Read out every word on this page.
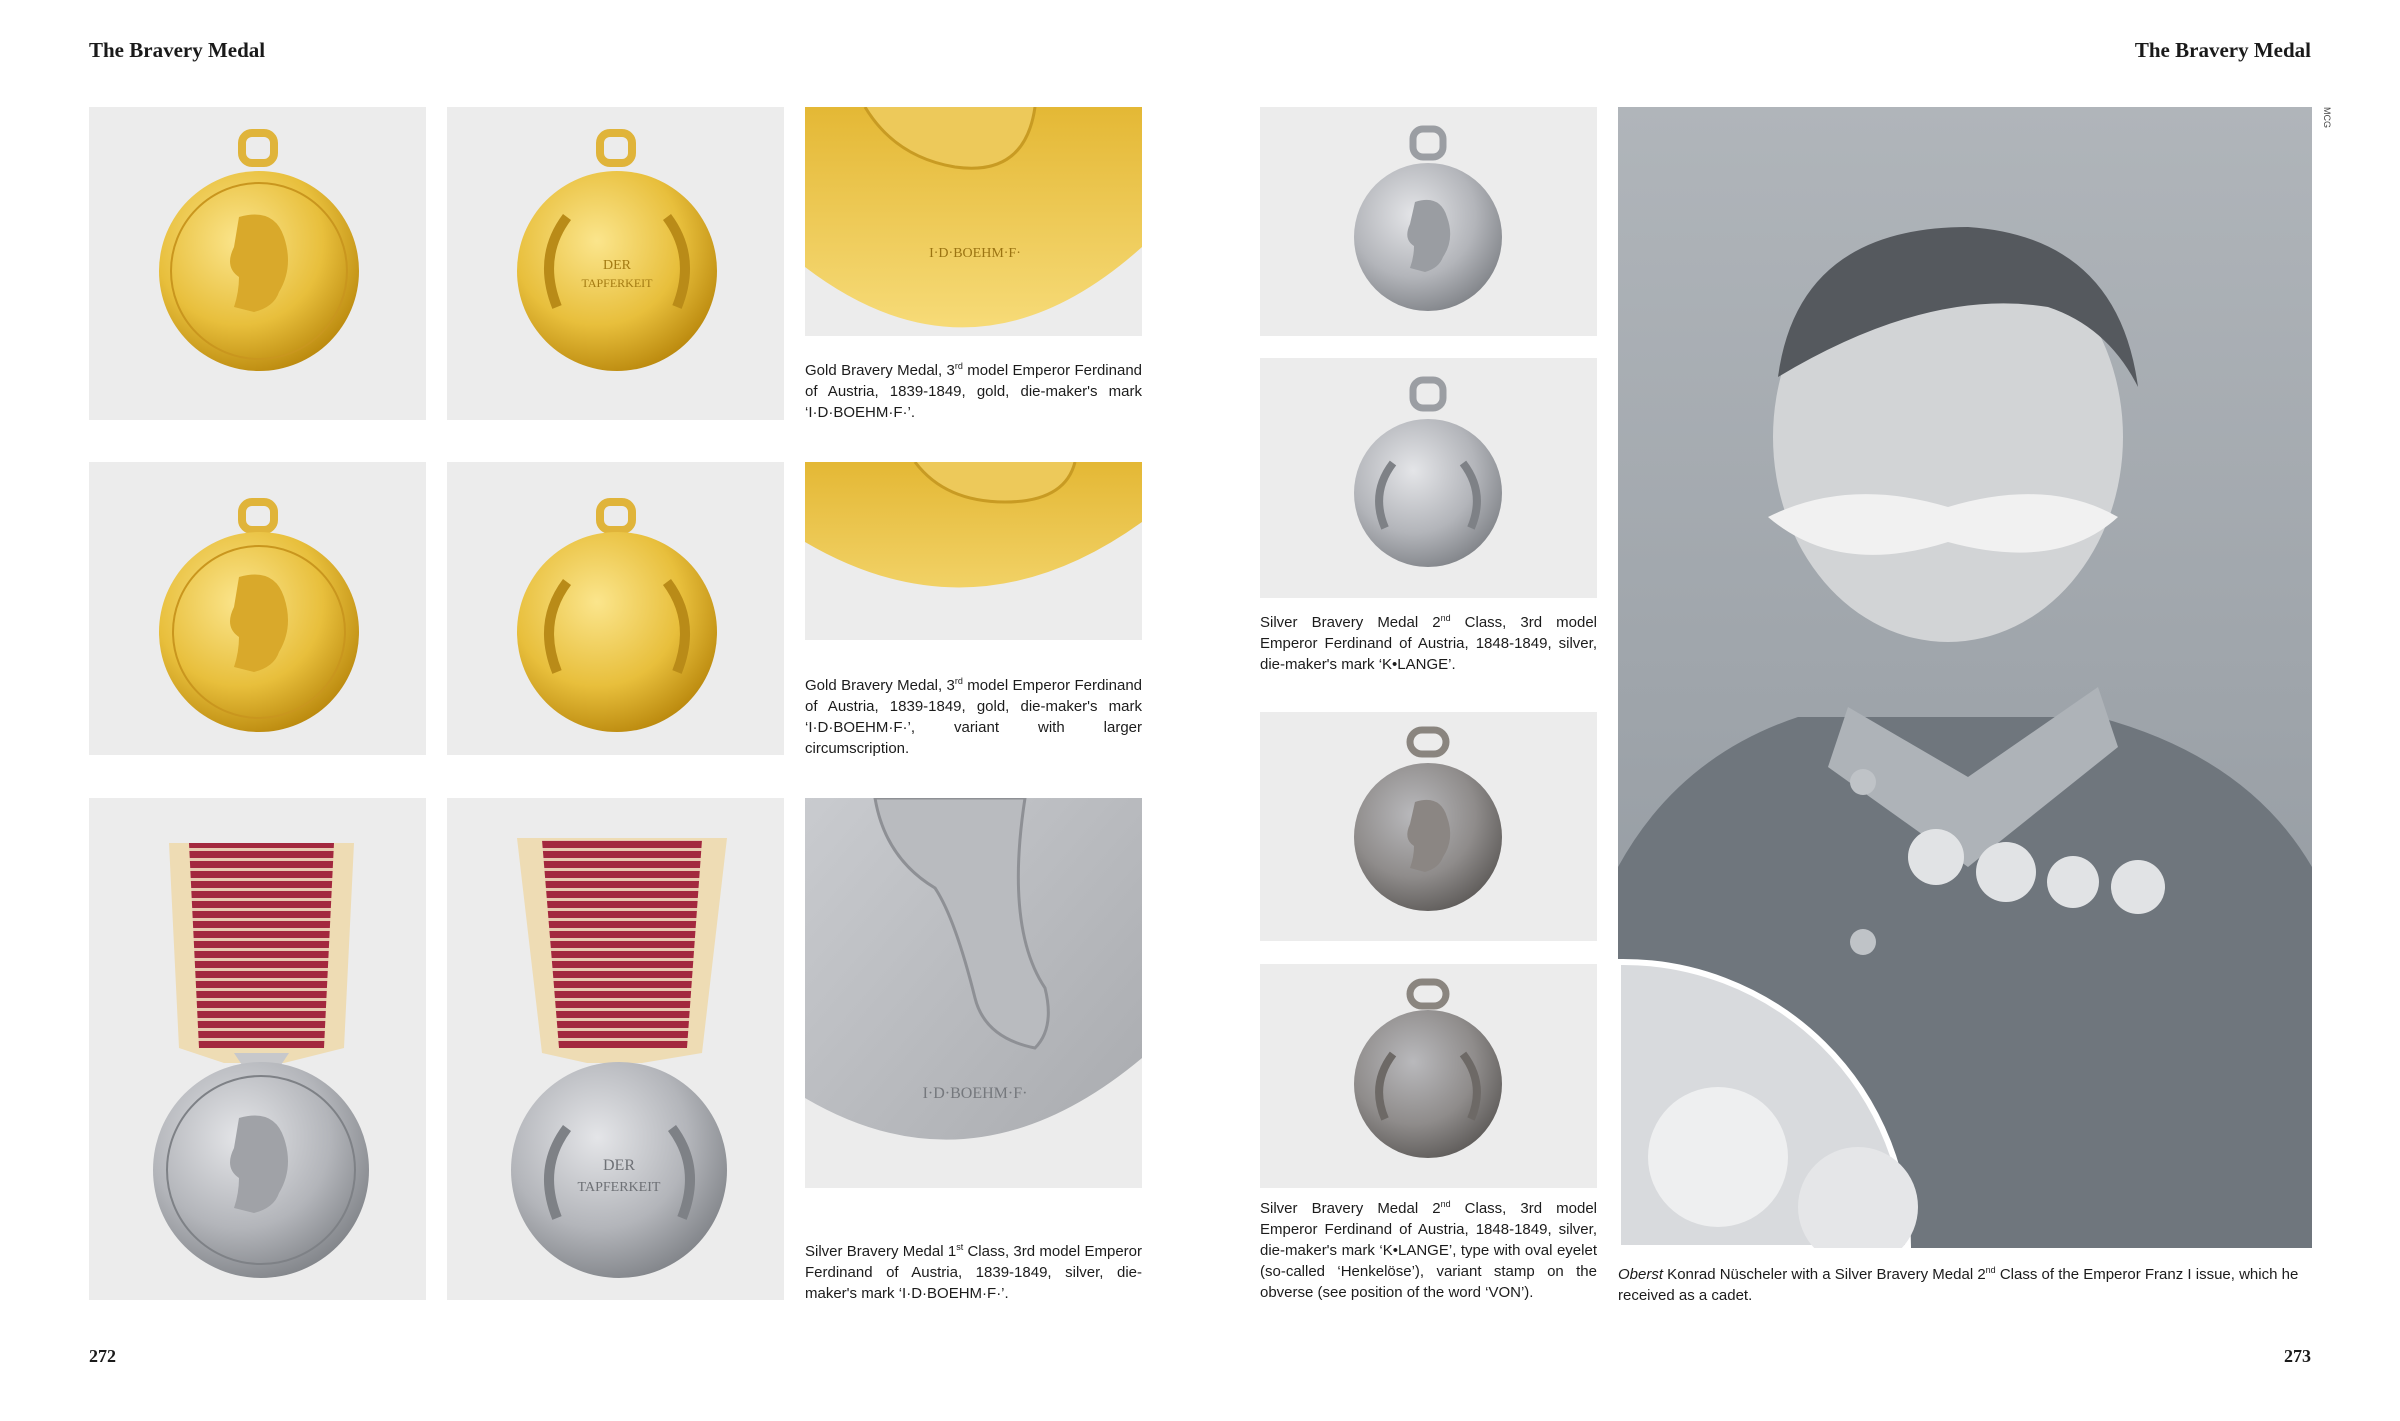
The Bravery Medal
DER
TAPFERKEIT
I·D·BOEHM·F·
Gold Bravery Medal, 3rd model Emperor Ferdinand of Austria, 1839-1849, gold, die-maker's mark ‘I·D·BOEHM·F·’.
Gold Bravery Medal, 3rd model Emperor Ferdinand of Austria, 1839-1849, gold, die-maker's mark ‘I·D·BOEHM·F·’, variant with larger circumscription.
DER
TAPFERKEIT
I·D·BOEHM·F·
Silver Bravery Medal 1st Class, 3rd model Emperor Ferdinand of Austria, 1839-1849, silver, die-maker's mark ‘I·D·BOEHM·F·’.
272
The Bravery Medal
Silver Bravery Medal 2nd Class, 3rd model Emperor Ferdinand of Austria, 1848-1849, silver, die-maker's mark ‘K•LANGE’.
Silver Bravery Medal 2nd Class, 3rd model Emperor Ferdinand of Austria, 1848-1849, silver, die-maker's mark ‘K•LANGE’, type with oval eyelet (so-called ‘Henkelöse’), variant stamp on the obverse (see position of the word ‘VON’).
MCG
Oberst Konrad Nüscheler with a Silver Bravery Medal 2nd Class of the Emperor Franz I issue, which he received as a cadet.
273
